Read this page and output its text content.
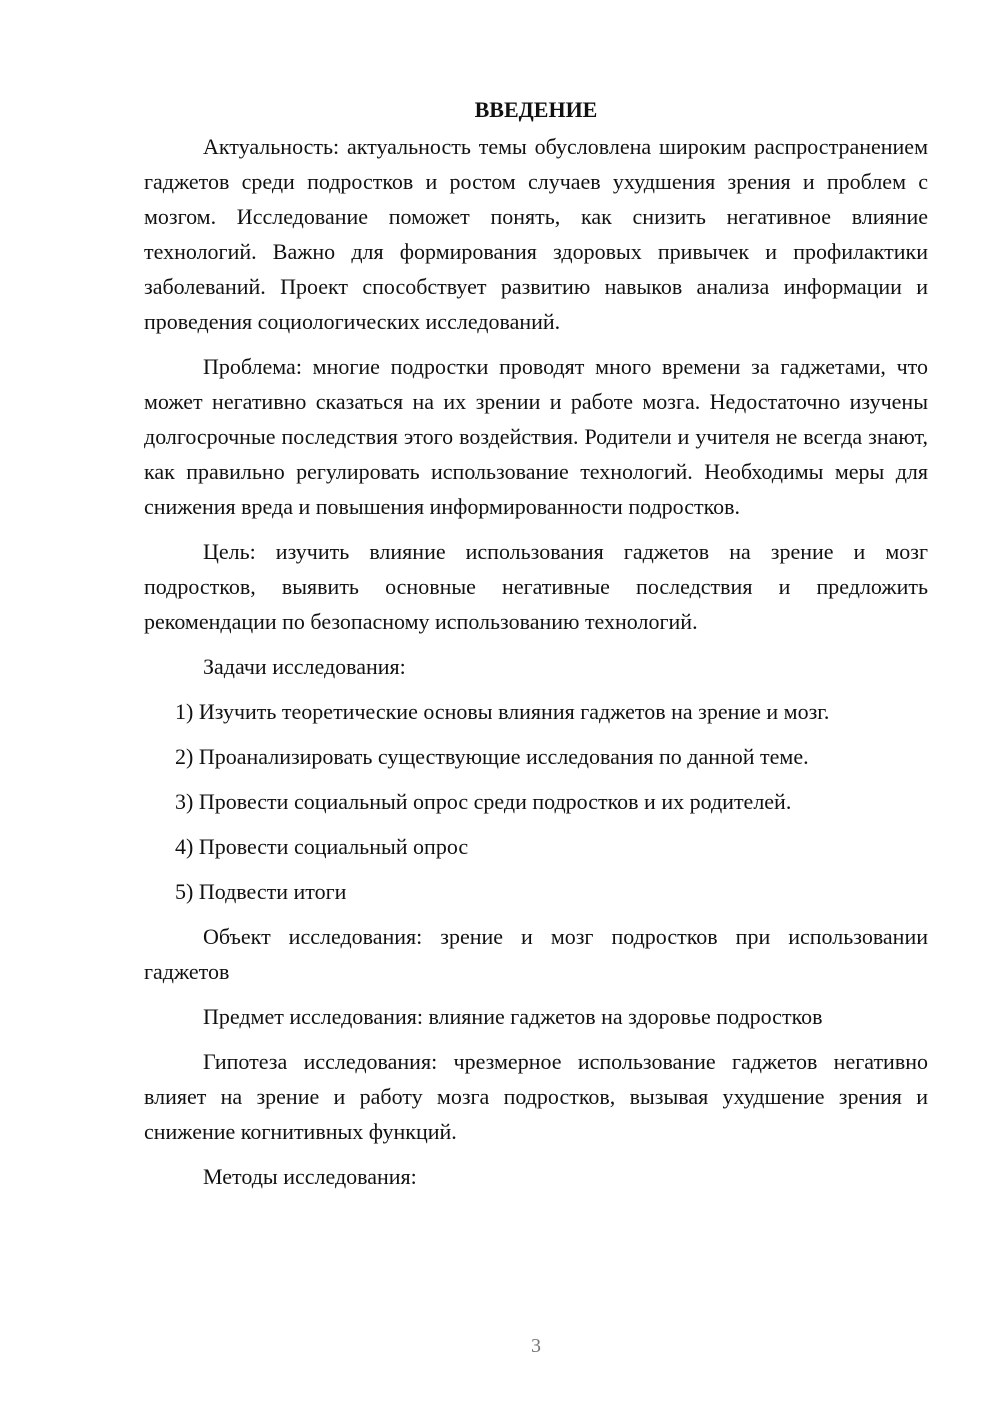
ВВЕДЕНИЕ

Актуальность: актуальность темы обусловлена широким распространением гаджетов среди подростков и ростом случаев ухудшения зрения и проблем с мозгом. Исследование поможет понять, как снизить негативное влияние технологий. Важно для формирования здоровых привычек и профилактики заболеваний. Проект способствует развитию навыков анализа информации и проведения социологических исследований.

Проблема: многие подростки проводят много времени за гаджетами, что может негативно сказаться на их зрении и работе мозга. Недостаточно изучены долгосрочные последствия этого воздействия. Родители и учителя не всегда знают, как правильно регулировать использование технологий. Необходимы меры для снижения вреда и повышения информированности подростков.

Цель: изучить влияние использования гаджетов на зрение и мозг подростков, выявить основные негативные последствия и предложить рекомендации по безопасному использованию технологий.

Задачи исследования:

1) Изучить теоретические основы влияния гаджетов на зрение и мозг.
2) Проанализировать существующие исследования по данной теме.
3) Провести социальный опрос среди подростков и их родителей.
4) Провести социальный опрос
5) Подвести итоги

Объект исследования: зрение и мозг подростков при использовании гаджетов

Предмет исследования: влияние гаджетов на здоровье подростков

Гипотеза исследования: чрезмерное использование гаджетов негативно влияет на зрение и работу мозга подростков, вызывая ухудшение зрения и снижение когнитивных функций.

Методы исследования:

3
